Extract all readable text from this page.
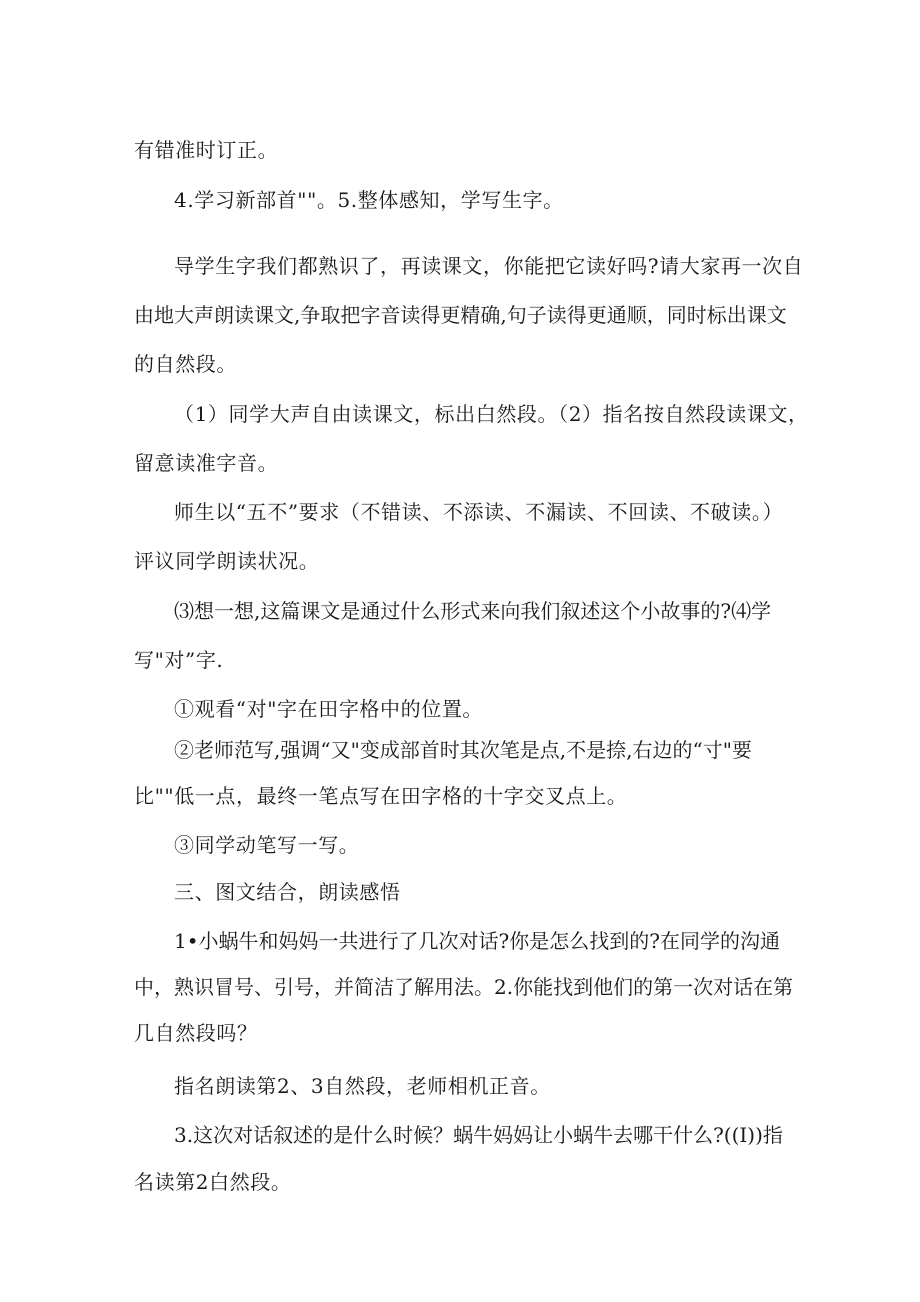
有错准时订正。
4.学习新部首""。5.整体感知，学写生字。
导学生字我们都熟识了，再读课文，你能把它读好吗?请大家再一次自
由地大声朗读课文,争取把字音读得更精确,句子读得更通顺，同时标出课文
的自然段。
（1）同学大声自由读课文，标出白然段。（2）指名按自然段读课文，
留意读准字音。
师生以“五不”要求（不错读、不添读、不漏读、不回读、不破读。）
评议同学朗读状况。
⑶想一想,这篇课文是通过什么形式来向我们叙述这个小故事的?⑷学
写"对”字.
①观看“对"字在田字格中的位置。
②老师范写,强调“又"变成部首时其次笔是点,不是捺,右边的“寸"要
比""低一点，最终一笔点写在田字格的十字交叉点上。
③同学动笔写一写。
三、图文结合，朗读感悟
1•小蜗牛和妈妈一共进行了几次对话?你是怎么找到的?在同学的沟通
中，熟识冒号、引号，并简洁了解用法。2.你能找到他们的第一次对话在第
几自然段吗？
指名朗读第2、3自然段，老师相机正音。
3.这次对话叙述的是什么时候？蜗牛妈妈让小蜗牛去哪干什么?((I))指
名读第2白然段。
